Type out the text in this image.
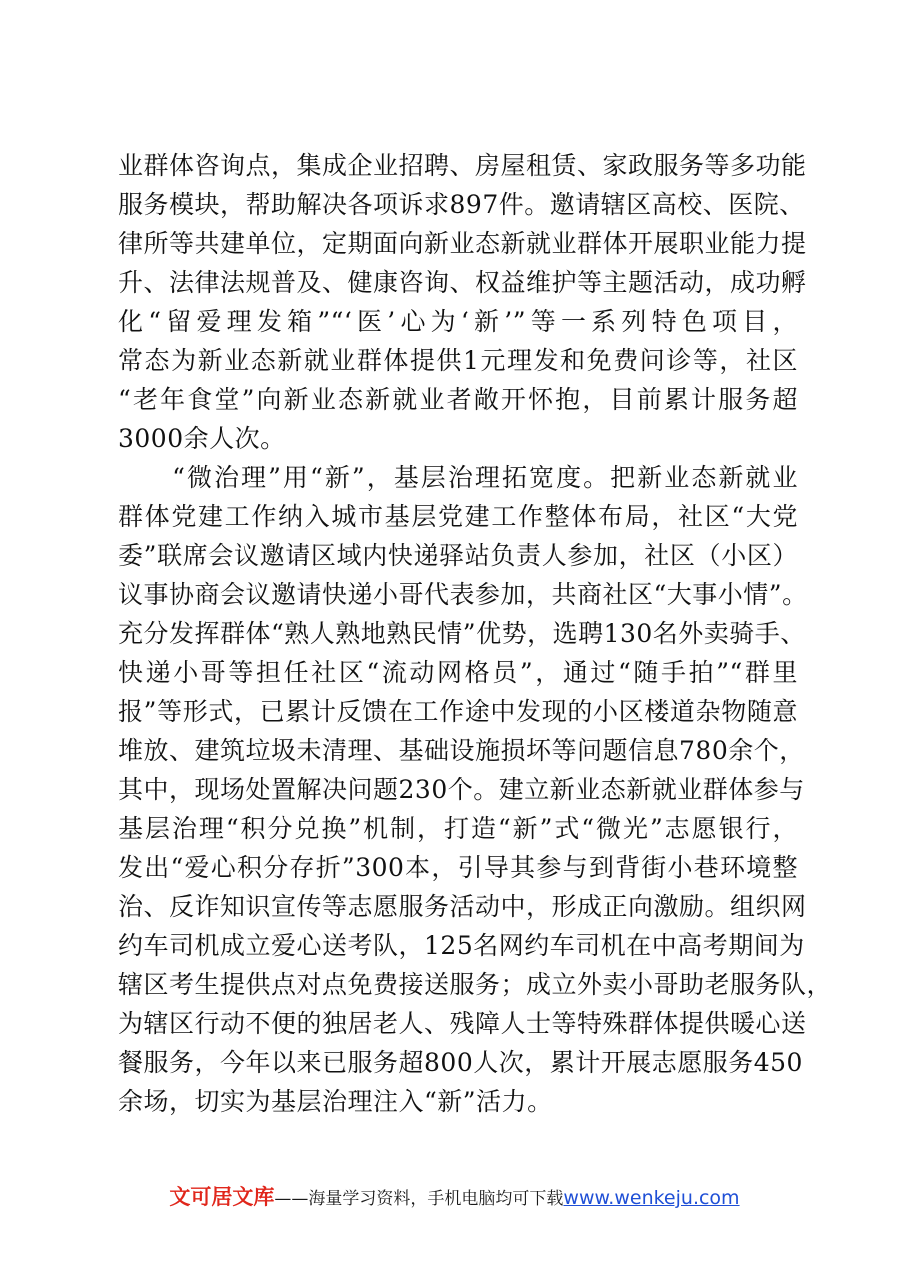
业群体咨询点，集成企业招聘、房屋租赁、家政服务等多功能
服务模块，帮助解决各项诉求897件。邀请辖区高校、医院、
律所等共建单位，定期面向新业态新就业群体开展职业能力提
升、法律法规普及、健康咨询、权益维护等主题活动，成功孵
化“留爱理发箱”“‘医’心为‘新’”等一系列特色项目，
常态为新业态新就业群体提供1元理发和免费问诊等，社区
“老年食堂”向新业态新就业者敞开怀抱，目前累计服务超
3000余人次。
　　“微治理”用“新”，基层治理拓宽度。把新业态新就业
群体党建工作纳入城市基层党建工作整体布局，社区“大党
委”联席会议邀请区域内快递驿站负责人参加，社区（小区）
议事协商会议邀请快递小哥代表参加，共商社区“大事小情”。
充分发挥群体“熟人熟地熟民情”优势，选聘130名外卖骑手、
快递小哥等担任社区“流动网格员”，通过“随手拍”“群里
报”等形式，已累计反馈在工作途中发现的小区楼道杂物随意
堆放、建筑垃圾未清理、基础设施损坏等问题信息780余个，
其中，现场处置解决问题230个。建立新业态新就业群体参与
基层治理“积分兑换”机制，打造“新”式“微光”志愿银行，
发出“爱心积分存折”300本，引导其参与到背街小巷环境整
治、反诈知识宣传等志愿服务活动中，形成正向激励。组织网
约车司机成立爱心送考队，125名网约车司机在中高考期间为
辖区考生提供点对点免费接送服务；成立外卖小哥助老服务队，
为辖区行动不便的独居老人、残障人士等特殊群体提供暖心送
餐服务，今年以来已服务超800人次，累计开展志愿服务450
余场，切实为基层治理注入“新”活力。
文可居文库——海量学习资料，手机电脑均可下载www.wenkeju.com
